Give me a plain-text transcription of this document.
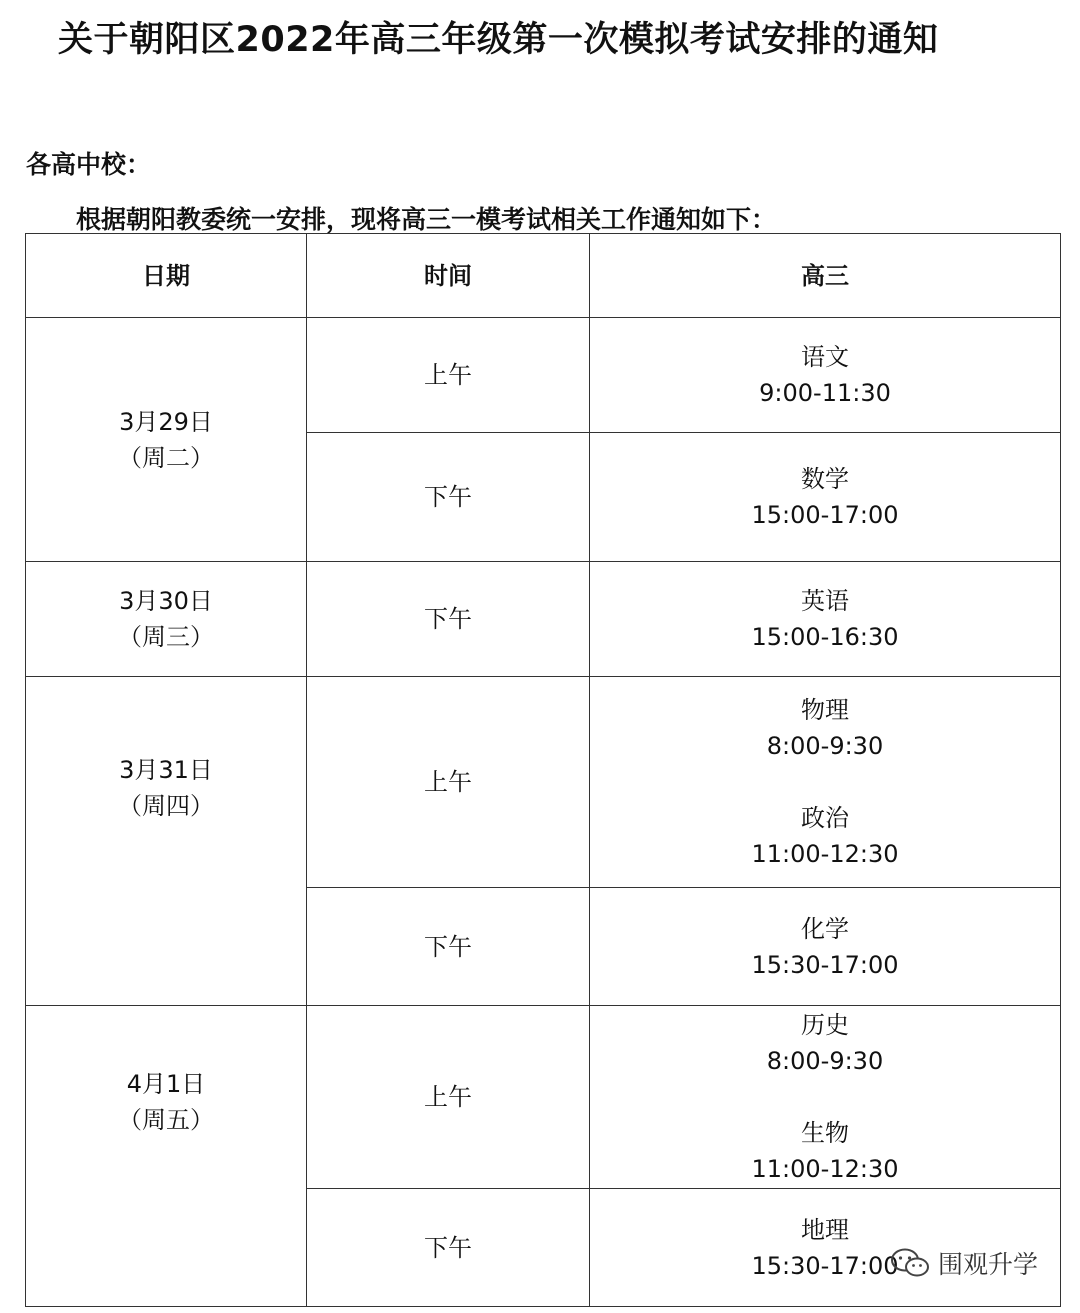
关于朝阳区2022年高三年级第一次模拟考试安排的通知
各高中校：
根据朝阳教委统一安排，现将高三一模考试相关工作通知如下：
日期	时间	高三

3月29日
（周二）	上午	语文
9:00-11:30

	下午	数学
15:00-17:00

3月30日
（周三）	下午	英语
15:00-16:30

3月31日
（周四）	上午	物理
8:00-9:30
政治
11:00-12:30

	下午	化学
15:30-17:00

4月1日
（周五）	上午	历史
8:00-9:30
生物
11:00-12:30

	下午	地理
15:30-17:00	围观升学
